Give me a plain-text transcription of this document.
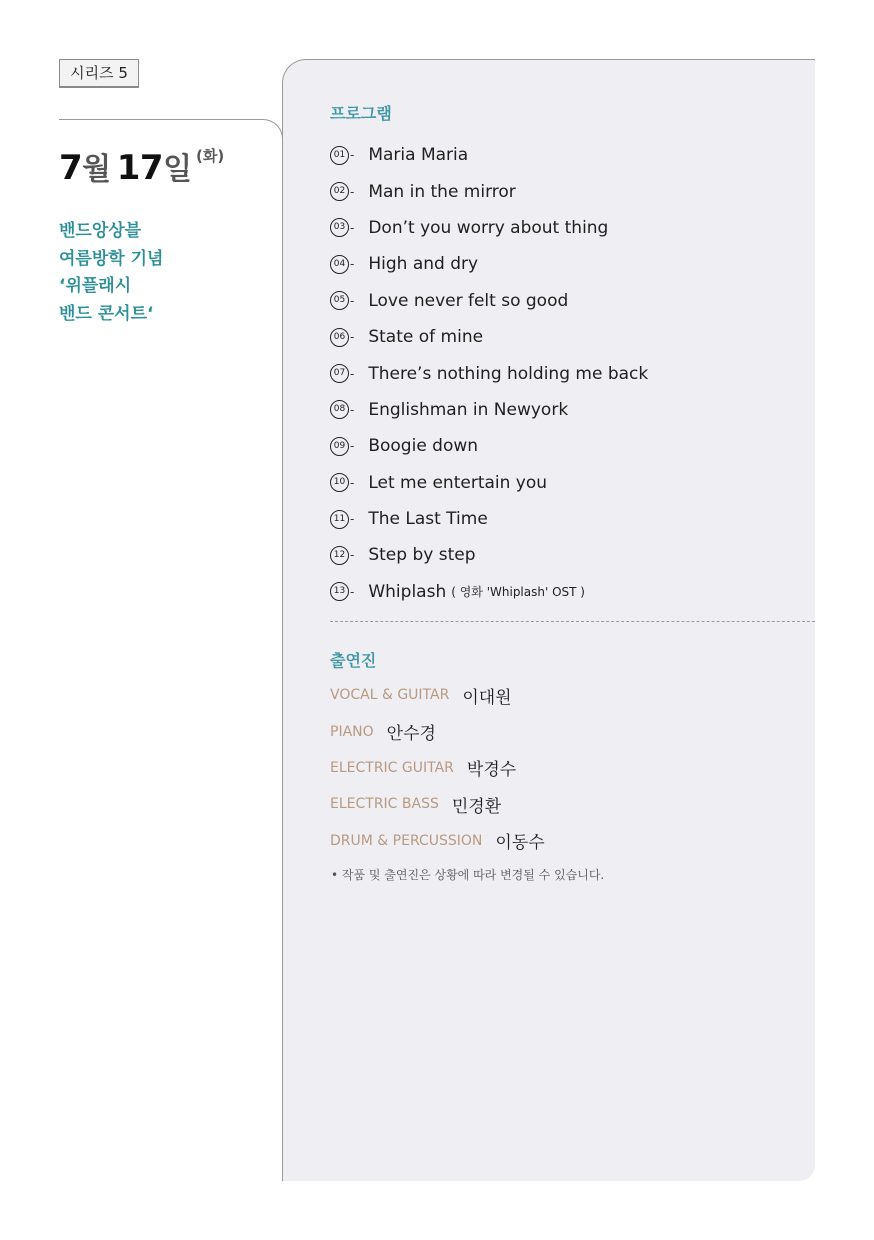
시리즈 5
7월 17일 (화)
밴드앙상블
여름방학 기념
‘위플래시
밴드 콘서트‘
프로그램
01 - Maria Maria
02 - Man in the mirror
03 - Don’t you worry about thing
04 - High and dry
05 - Love never felt so good
06 - State of mine
07 - There’s nothing holding me back
08 - Englishman in Newyork
09 - Boogie down
10 - Let me entertain you
11 - The Last Time
12 - Step by step
13 - Whiplash ( 영화 'Whiplash' OST )
출연진
VOCAL & GUITAR 이대원
PIANO 안수경
ELECTRIC GUITAR 박경수
ELECTRIC BASS 민경환
DRUM & PERCUSSION 이동수
• 작품 및 출연진은 상황에 따라 변경될 수 있습니다.
